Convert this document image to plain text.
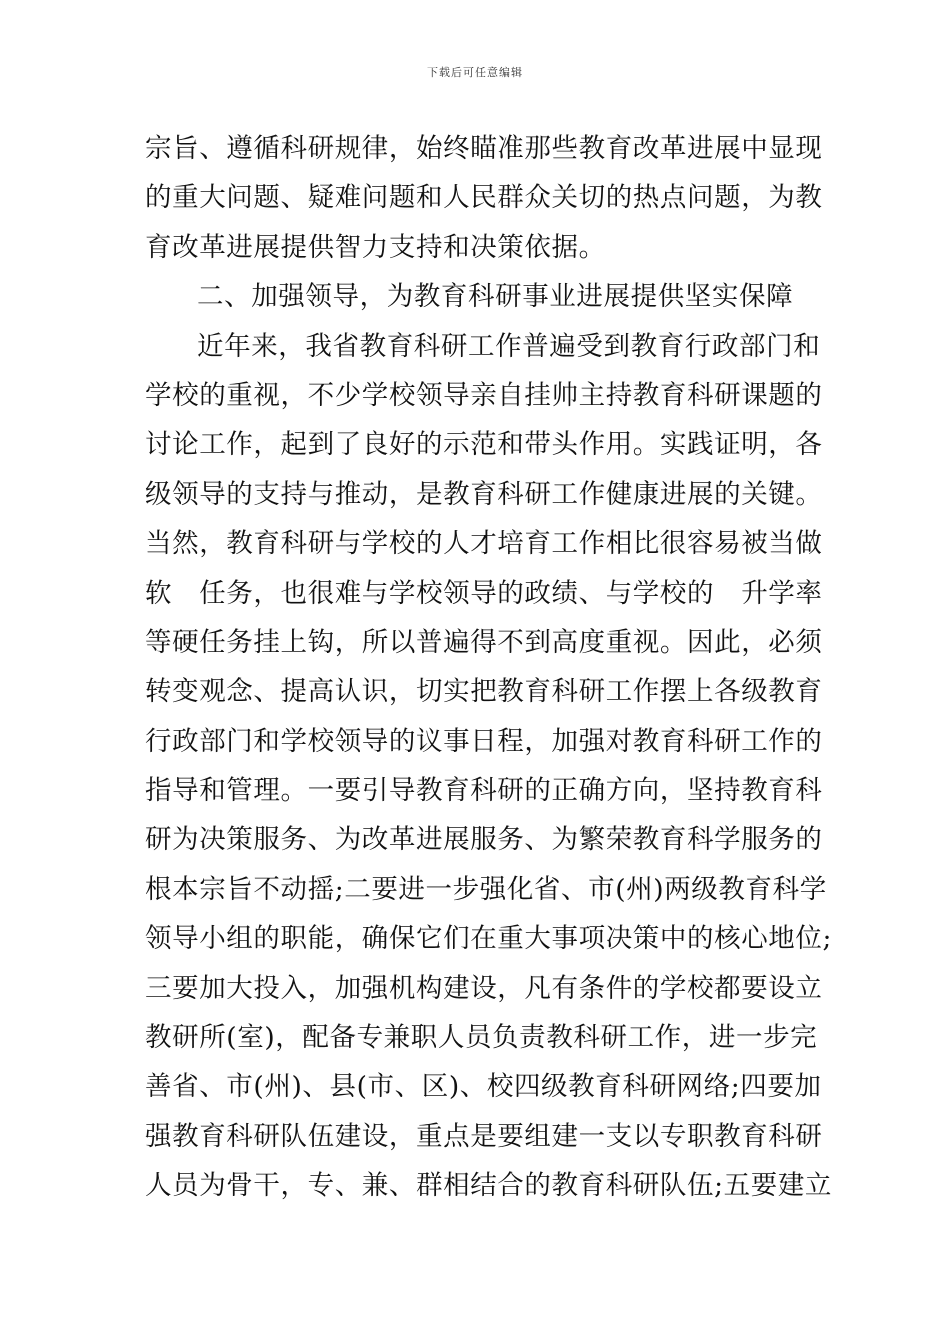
下载后可任意编辑
宗旨、遵循科研规律，始终瞄准那些教育改革进展中显现
的重大问题、疑难问题和人民群众关切的热点问题，为教
育改革进展提供智力支持和决策依据。
二、加强领导，为教育科研事业进展提供坚实保障
近年来，我省教育科研工作普遍受到教育行政部门和
学校的重视，不少学校领导亲自挂帅主持教育科研课题的
讨论工作，起到了良好的示范和带头作用。实践证明，各
级领导的支持与推动，是教育科研工作健康进展的关键。
当然，教育科研与学校的人才培育工作相比很容易被当做
软　任务，也很难与学校领导的政绩、与学校的　升学率
等硬任务挂上钩，所以普遍得不到高度重视。因此，必须
转变观念、提高认识，切实把教育科研工作摆上各级教育
行政部门和学校领导的议事日程，加强对教育科研工作的
指导和管理。一要引导教育科研的正确方向，坚持教育科
研为决策服务、为改革进展服务、为繁荣教育科学服务的
根本宗旨不动摇;二要进一步强化省、市(州)两级教育科学
领导小组的职能，确保它们在重大事项决策中的核心地位;
三要加大投入，加强机构建设，凡有条件的学校都要设立
教研所(室)，配备专兼职人员负责教科研工作，进一步完
善省、市(州)、县(市、区)、校四级教育科研网络;四要加
强教育科研队伍建设，重点是要组建一支以专职教育科研
人员为骨干，专、兼、群相结合的教育科研队伍;五要建立
